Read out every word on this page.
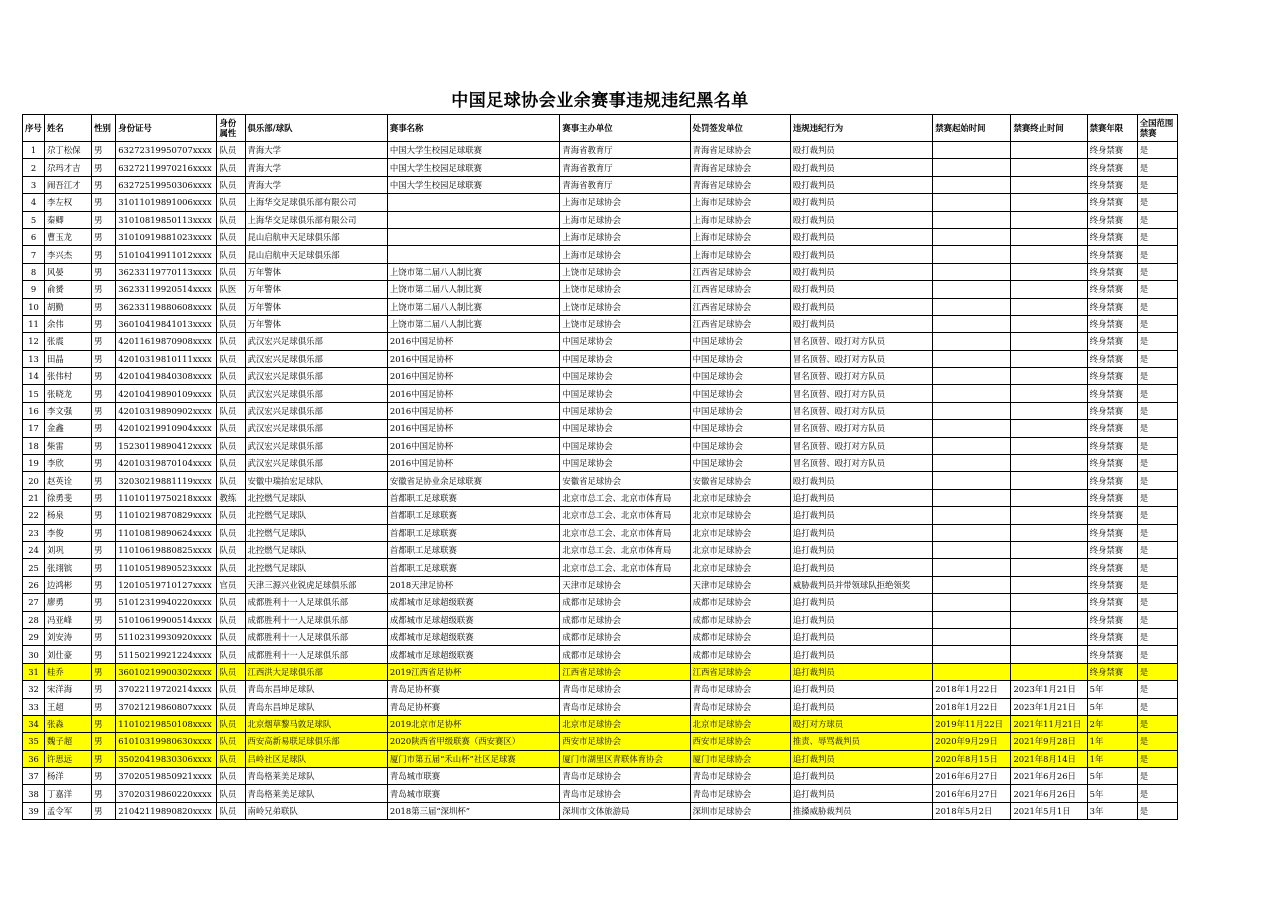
中国足球协会业余赛事违规违纪黑名单
序号	姓名	性别	身份证号	身份属性	俱乐部/球队	赛事名称	赛事主办单位	处罚签发单位	违规违纪行为	禁赛起始时间	禁赛终止时间	禁赛年限	全国范围禁赛
1	尕丁松保	男	63272319950707xxxx	队员	青海大学	中国大学生校园足球联赛	青海省教育厅	青海省足球协会	殴打裁判员			终身禁赛	是
2	尕玛才吉	男	63272119970216xxxx	队员	青海大学	中国大学生校园足球联赛	青海省教育厅	青海省足球协会	殴打裁判员			终身禁赛	是
3	闹吾江才	男	63272519950306xxxx	队员	青海大学	中国大学生校园足球联赛	青海省教育厅	青海省足球协会	殴打裁判员			终身禁赛	是
4	李左权	男	31011019891006xxxx	队员	上海华交足球俱乐部有限公司		上海市足球协会	上海市足球协会	殴打裁判员			终身禁赛	是
5	秦卿	男	31010819850113xxxx	队员	上海华交足球俱乐部有限公司		上海市足球协会	上海市足球协会	殴打裁判员			终身禁赛	是
6	曹玉龙	男	31010919881023xxxx	队员	昆山启航申天足球俱乐部		上海市足球协会	上海市足球协会	殴打裁判员			终身禁赛	是
7	李兴杰	男	51010419911012xxxx	队员	昆山启航申天足球俱乐部		上海市足球协会	上海市足球协会	殴打裁判员			终身禁赛	是
8	风晏	男	36233119770113xxxx	队员	万年警体	上饶市第二届八人制比赛	上饶市足球协会	江西省足球协会	殴打裁判员			终身禁赛	是
9	俞赟	男	36233119920514xxxx	队医	万年警体	上饶市第二届八人制比赛	上饶市足球协会	江西省足球协会	殴打裁判员			终身禁赛	是
10	胡勤	男	36233119880608xxxx	队员	万年警体	上饶市第二届八人制比赛	上饶市足球协会	江西省足球协会	殴打裁判员			终身禁赛	是
11	余伟	男	36010419841013xxxx	队员	万年警体	上饶市第二届八人制比赛	上饶市足球协会	江西省足球协会	殴打裁判员			终身禁赛	是
12	张震	男	42011619870908xxxx	队员	武汉宏兴足球俱乐部	2016中国足协杯	中国足球协会	中国足球协会	冒名顶替、殴打对方队员			终身禁赛	是
13	田晶	男	42010319810111xxxx	队员	武汉宏兴足球俱乐部	2016中国足协杯	中国足球协会	中国足球协会	冒名顶替、殴打对方队员			终身禁赛	是
14	张伟村	男	42010419840308xxxx	队员	武汉宏兴足球俱乐部	2016中国足协杯	中国足球协会	中国足球协会	冒名顶替、殴打对方队员			终身禁赛	是
15	张晓龙	男	42010419890109xxxx	队员	武汉宏兴足球俱乐部	2016中国足协杯	中国足球协会	中国足球协会	冒名顶替、殴打对方队员			终身禁赛	是
16	李文强	男	42010319890902xxxx	队员	武汉宏兴足球俱乐部	2016中国足协杯	中国足球协会	中国足球协会	冒名顶替、殴打对方队员			终身禁赛	是
17	金鑫	男	42010219910904xxxx	队员	武汉宏兴足球俱乐部	2016中国足协杯	中国足球协会	中国足球协会	冒名顶替、殴打对方队员			终身禁赛	是
18	柴雷	男	15230119890412xxxx	队员	武汉宏兴足球俱乐部	2016中国足协杯	中国足球协会	中国足球协会	冒名顶替、殴打对方队员			终身禁赛	是
19	李欣	男	42010319870104xxxx	队员	武汉宏兴足球俱乐部	2016中国足协杯	中国足球协会	中国足球协会	冒名顶替、殴打对方队员			终身禁赛	是
20	赵英诠	男	32030219881119xxxx	队员	安徽中瑞抬宏足球队	安徽省足协业余足球联赛	安徽省足球协会	安徽省足球协会	殴打裁判员			终身禁赛	是
21	徐勇斐	男	11010119750218xxxx	教练	北控燃气足球队	首都职工足球联赛	北京市总工会、北京市体育局	北京市足球协会	追打裁判员			终身禁赛	是
22	杨泉	男	11010219870829xxxx	队员	北控燃气足球队	首都职工足球联赛	北京市总工会、北京市体育局	北京市足球协会	追打裁判员			终身禁赛	是
23	李俊	男	11010819890624xxxx	队员	北控燃气足球队	首都职工足球联赛	北京市总工会、北京市体育局	北京市足球协会	追打裁判员			终身禁赛	是
24	刘巩	男	11010619880825xxxx	队员	北控燃气足球队	首都职工足球联赛	北京市总工会、北京市体育局	北京市足球协会	追打裁判员			终身禁赛	是
25	张翊镔	男	11010519890523xxxx	队员	北控燃气足球队	首都职工足球联赛	北京市总工会、北京市体育局	北京市足球协会	追打裁判员			终身禁赛	是
26	边鸿彬	男	12010519710127xxxx	官员	天津三源兴业锐虎足球俱乐部	2018天津足协杯	天津市足球协会	天津市足球协会	威胁裁判员并带领球队拒绝领奖			终身禁赛	是
27	廖勇	男	51012319940220xxxx	队员	成都胜利十一人足球俱乐部	成都城市足球超级联赛	成都市足球协会	成都市足球协会	追打裁判员			终身禁赛	是
28	冯亚峰	男	51010619900514xxxx	队员	成都胜利十一人足球俱乐部	成都城市足球超级联赛	成都市足球协会	成都市足球协会	追打裁判员			终身禁赛	是
29	刘安涛	男	51102319930920xxxx	队员	成都胜利十一人足球俱乐部	成都城市足球超级联赛	成都市足球协会	成都市足球协会	追打裁判员			终身禁赛	是
30	刘仕豪	男	51150219921224xxxx	队员	成都胜利十一人足球俱乐部	成都城市足球超级联赛	成都市足球协会	成都市足球协会	追打裁判员			终身禁赛	是
31	桂乔	男	36010219900302xxxx	队员	江西洪大足球俱乐部	2019江西省足协杯	江西省足球协会	江西省足球协会	追打裁判员			终身禁赛	是
32	宋洋海	男	37022119720214xxxx	队员	青岛东昌坤足球队	青岛足协杯赛	青岛市足球协会	青岛市足球协会	追打裁判员	2018年1月22日	2023年1月21日	5年	是
33	王超	男	37021219860807xxxx	队员	青岛东昌坤足球队	青岛足协杯赛	青岛市足球协会	青岛市足球协会	追打裁判员	2018年1月22日	2023年1月21日	5年	是
34	张淼	男	11010219850108xxxx	队员	北京烟草黎马敦足球队	2019北京市足协杯	北京市足球协会	北京市足球协会	殴打对方球员	2019年11月22日	2021年11月21日	2年	是
35	魏子超	男	61010319980630xxxx	队员	西安高新易联足球俱乐部	2020陕西省甲级联赛（西安赛区）	西安市足球协会	西安市足球协会	推责、辱骂裁判员	2020年9月29日	2021年9月28日	1年	是
36	许思远	男	35020419830306xxxx	队员	吕岭社区足球队	厦门市第五届“禾山杯”社区足球赛	厦门市湖里区青联体育协会	厦门市足球协会	追打裁判员	2020年8月15日	2021年8月14日	1年	是
37	杨洋	男	37020519850921xxxx	队员	青岛格莱美足球队	青岛城市联赛	青岛市足球协会	青岛市足球协会	追打裁判员	2016年6月27日	2021年6月26日	5年	是
38	丁嘉洋	男	37020319860220xxxx	队员	青岛格莱美足球队	青岛城市联赛	青岛市足球协会	青岛市足球协会	追打裁判员	2016年6月27日	2021年6月26日	5年	是
39	孟令军	男	21042119890820xxxx	队员	南岭兄弟联队	2018第三届“深圳杯”	深圳市文体旅游局	深圳市足球协会	推搡威胁裁判员	2018年5月2日	2021年5月1日	3年	是
